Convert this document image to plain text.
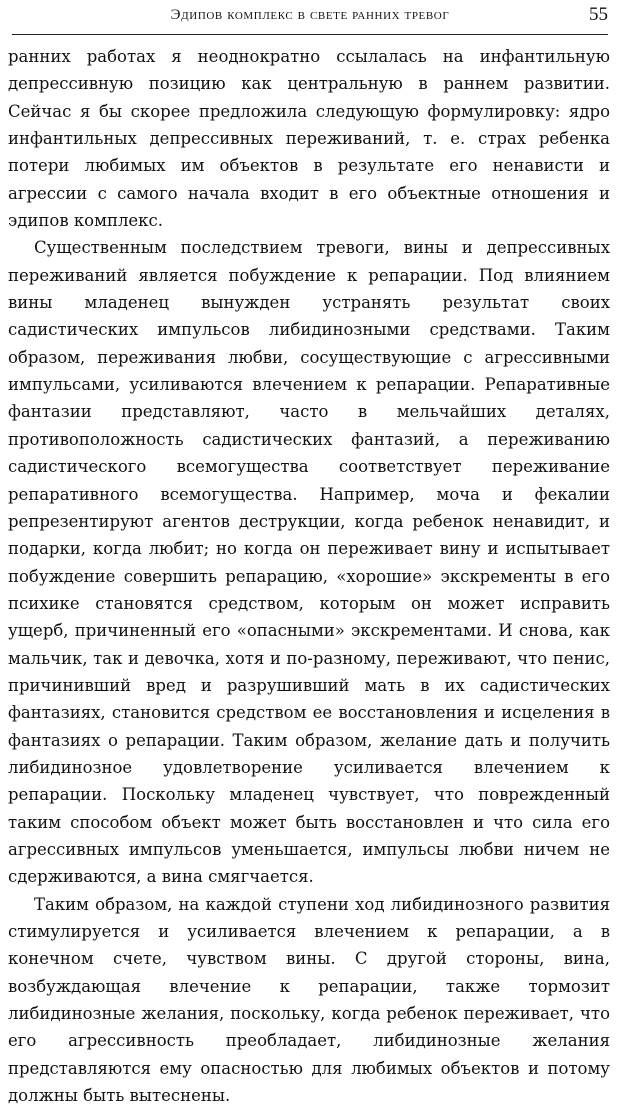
Эдипов комплекс в свете ранних тревог	55

ранних работах я неоднократно ссылалась на инфантильную депрессивную позицию как центральную в раннем развитии. Сейчас я бы скорее предложила следующую формулировку: ядро инфантильных депрессивных переживаний, т. е. страх ребенка потери любимых им объектов в результате его ненависти и агрессии с самого начала входит в его объектные отношения и эдипов комплекс.

Существенным последствием тревоги, вины и депрессивных переживаний является побуждение к репарации. Под влиянием вины младенец вынужден устранять результат своих садистических импульсов либидинозными средствами. Таким образом, переживания любви, сосуществующие с агрессивными импульсами, усиливаются влечением к репарации. Репаративные фантазии представляют, часто в мельчайших деталях, противоположность садистических фантазий, а переживанию садистического всемогущества соответствует переживание репаративного всемогущества. Например, моча и фекалии репрезентируют агентов деструкции, когда ребенок ненавидит, и подарки, когда любит; но когда он переживает вину и испытывает побуждение совершить репарацию, «хорошие» экскременты в его психике становятся средством, которым он может исправить ущерб, причиненный его «опасными» экскрементами. И снова, как мальчик, так и девочка, хотя и по-разному, переживают, что пенис, причинивший вред и разрушивший мать в их садистических фантазиях, становится средством ее восстановления и исцеления в фантазиях о репарации. Таким образом, желание дать и получить либидинозное удовлетворение усиливается влечением к репарации. Поскольку младенец чувствует, что поврежденный таким способом объект может быть восстановлен и что сила его агрессивных импульсов уменьшается, импульсы любви ничем не сдерживаются, а вина смягчается.

Таким образом, на каждой ступени ход либидинозного развития стимулируется и усиливается влечением к репарации, а в конечном счете, чувством вины. С другой стороны, вина, возбуждающая влечение к репарации, также тормозит либидинозные желания, поскольку, когда ребенок переживает, что его агрессивность преобладает, либидинозные желания представляются ему опасностью для любимых объектов и потому должны быть вытеснены.
